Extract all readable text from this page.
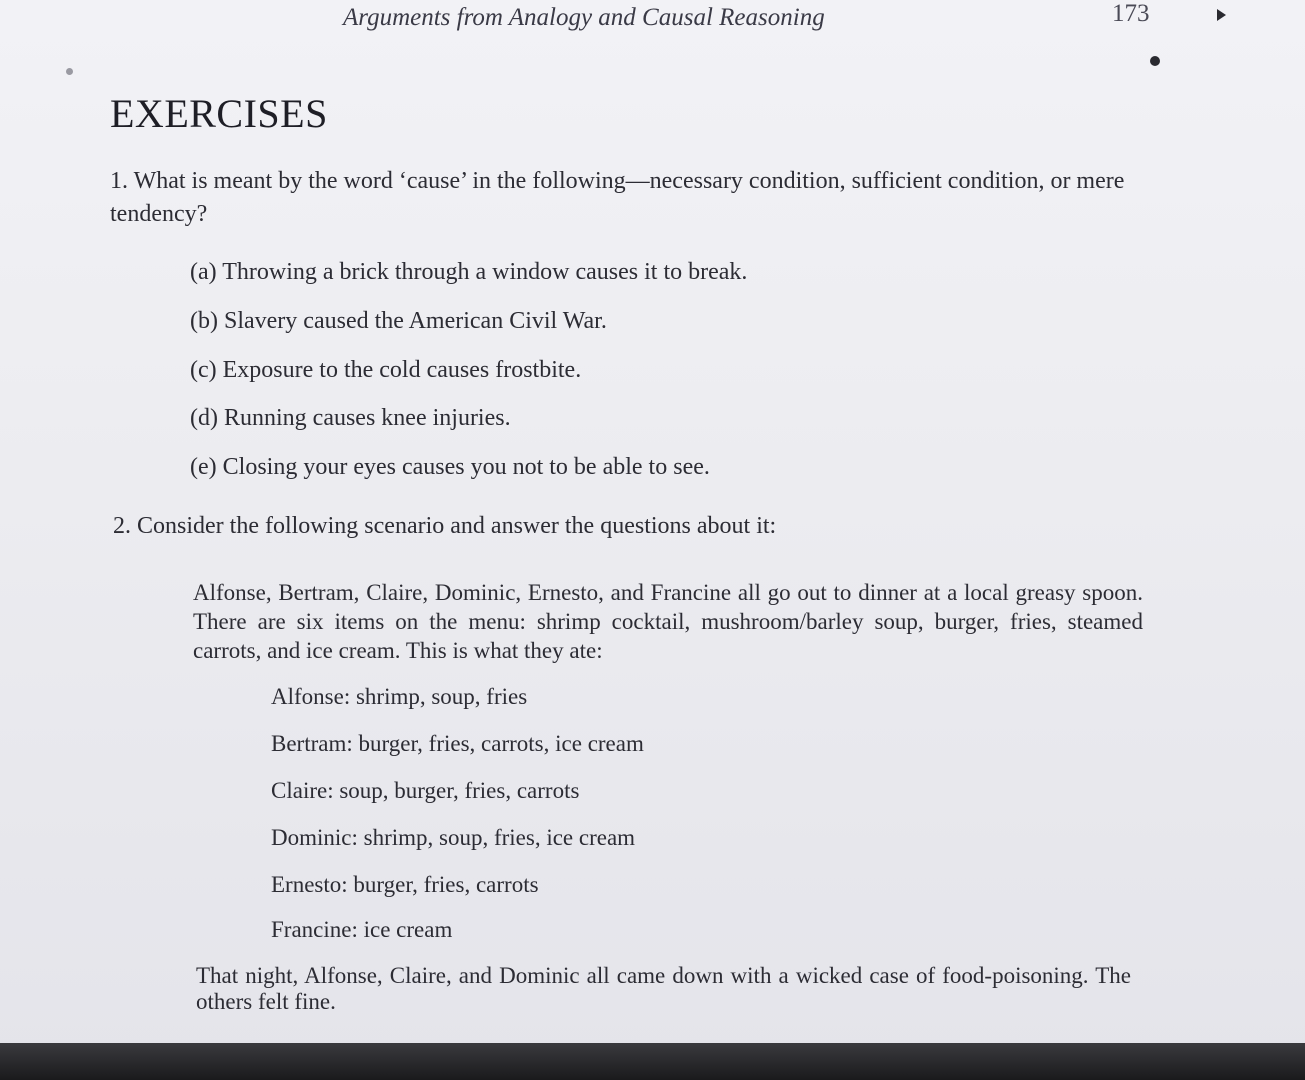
Arguments from Analogy and Causal Reasoning	173
EXERCISES
1. What is meant by the word ‘cause’ in the following—necessary condition, sufficient condition, or mere tendency?
(a) Throwing a brick through a window causes it to break.
(b) Slavery caused the American Civil War.
(c) Exposure to the cold causes frostbite.
(d) Running causes knee injuries.
(e) Closing your eyes causes you not to be able to see.
2. Consider the following scenario and answer the questions about it:
Alfonse, Bertram, Claire, Dominic, Ernesto, and Francine all go out to dinner at a local greasy spoon. There are six items on the menu: shrimp cocktail, mushroom/barley soup, burger, fries, steamed carrots, and ice cream. This is what they ate:
Alfonse: shrimp, soup, fries
Bertram: burger, fries, carrots, ice cream
Claire: soup, burger, fries, carrots
Dominic: shrimp, soup, fries, ice cream
Ernesto: burger, fries, carrots
Francine: ice cream
That night, Alfonse, Claire, and Dominic all came down with a wicked case of food-poisoning. The others felt fine.
